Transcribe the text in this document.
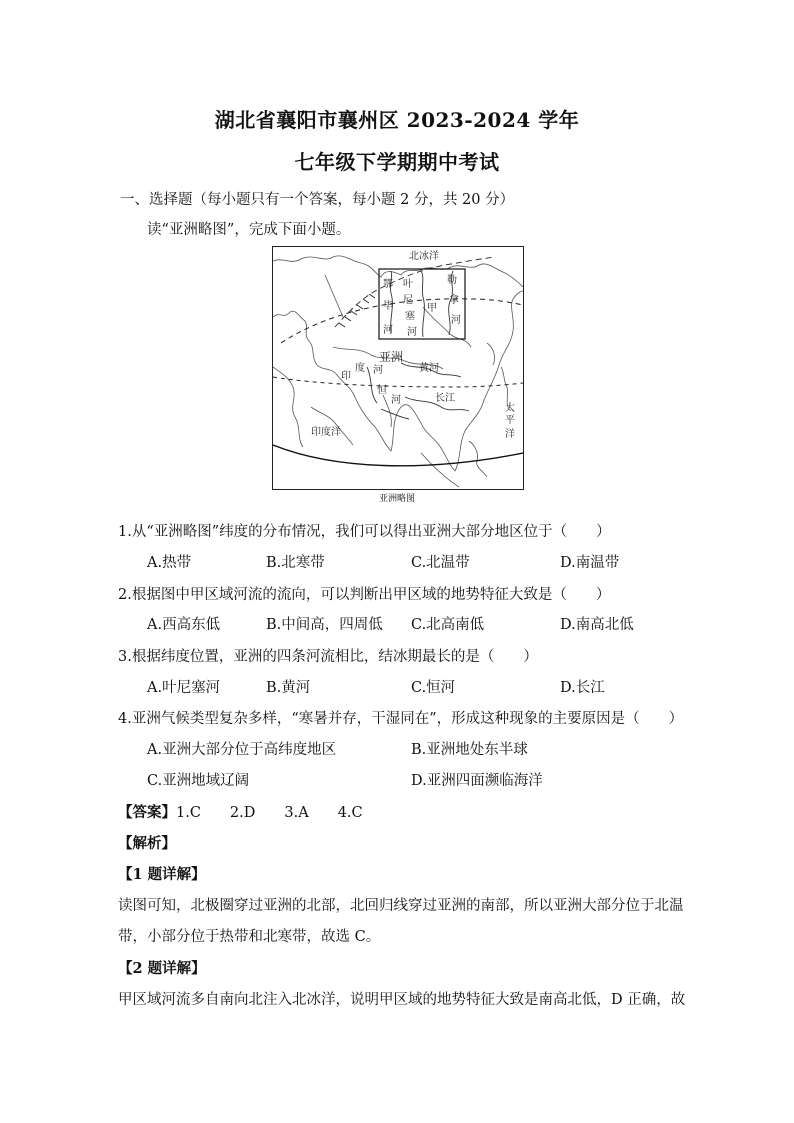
湖北省襄阳市襄州区 2023-2024 学年
七年级下学期期中考试
一、选择题（每小题只有一个答案，每小题 2 分，共 20 分）
读“亚洲略图”，完成下面小题。
北冰洋
鄂
毕
河
叶
尼
塞
河
勒
拿
河
甲
亚洲
印
度 河
恒
河
黄河
长江
印度洋
太
平
洋
亚洲略图
1.从“亚洲略图”纬度的分布情况，我们可以得出亚洲大部分地区位于（　　）
A.热带	B.北寒带	C.北温带	D.南温带
2.根据图中甲区域河流的流向，可以判断出甲区域的地势特征大致是（　　）
A.西高东低	B.中间高，四周低 C.北高南低	D.南高北低
3.根据纬度位置，亚洲的四条河流相比，结冰期最长的是（　　）
A.叶尼塞河	B.黄河	C.恒河	D.长江
4.亚洲气候类型复杂多样，“寒暑并存，干湿同在”，形成这种现象的主要原因是（　　）
A.亚洲大部分位于高纬度地区	B.亚洲地处东半球
C.亚洲地域辽阔	D.亚洲四面濒临海洋
【答案】1.C　　2.D　　3.A　　4.C
【解析】
【1 题详解】
读图可知，北极圈穿过亚洲的北部，北回归线穿过亚洲的南部，所以亚洲大部分位于北温
带，小部分位于热带和北寒带，故选 C。
【2 题详解】
甲区域河流多自南向北注入北冰洋，说明甲区域的地势特征大致是南高北低，D 正确，故
